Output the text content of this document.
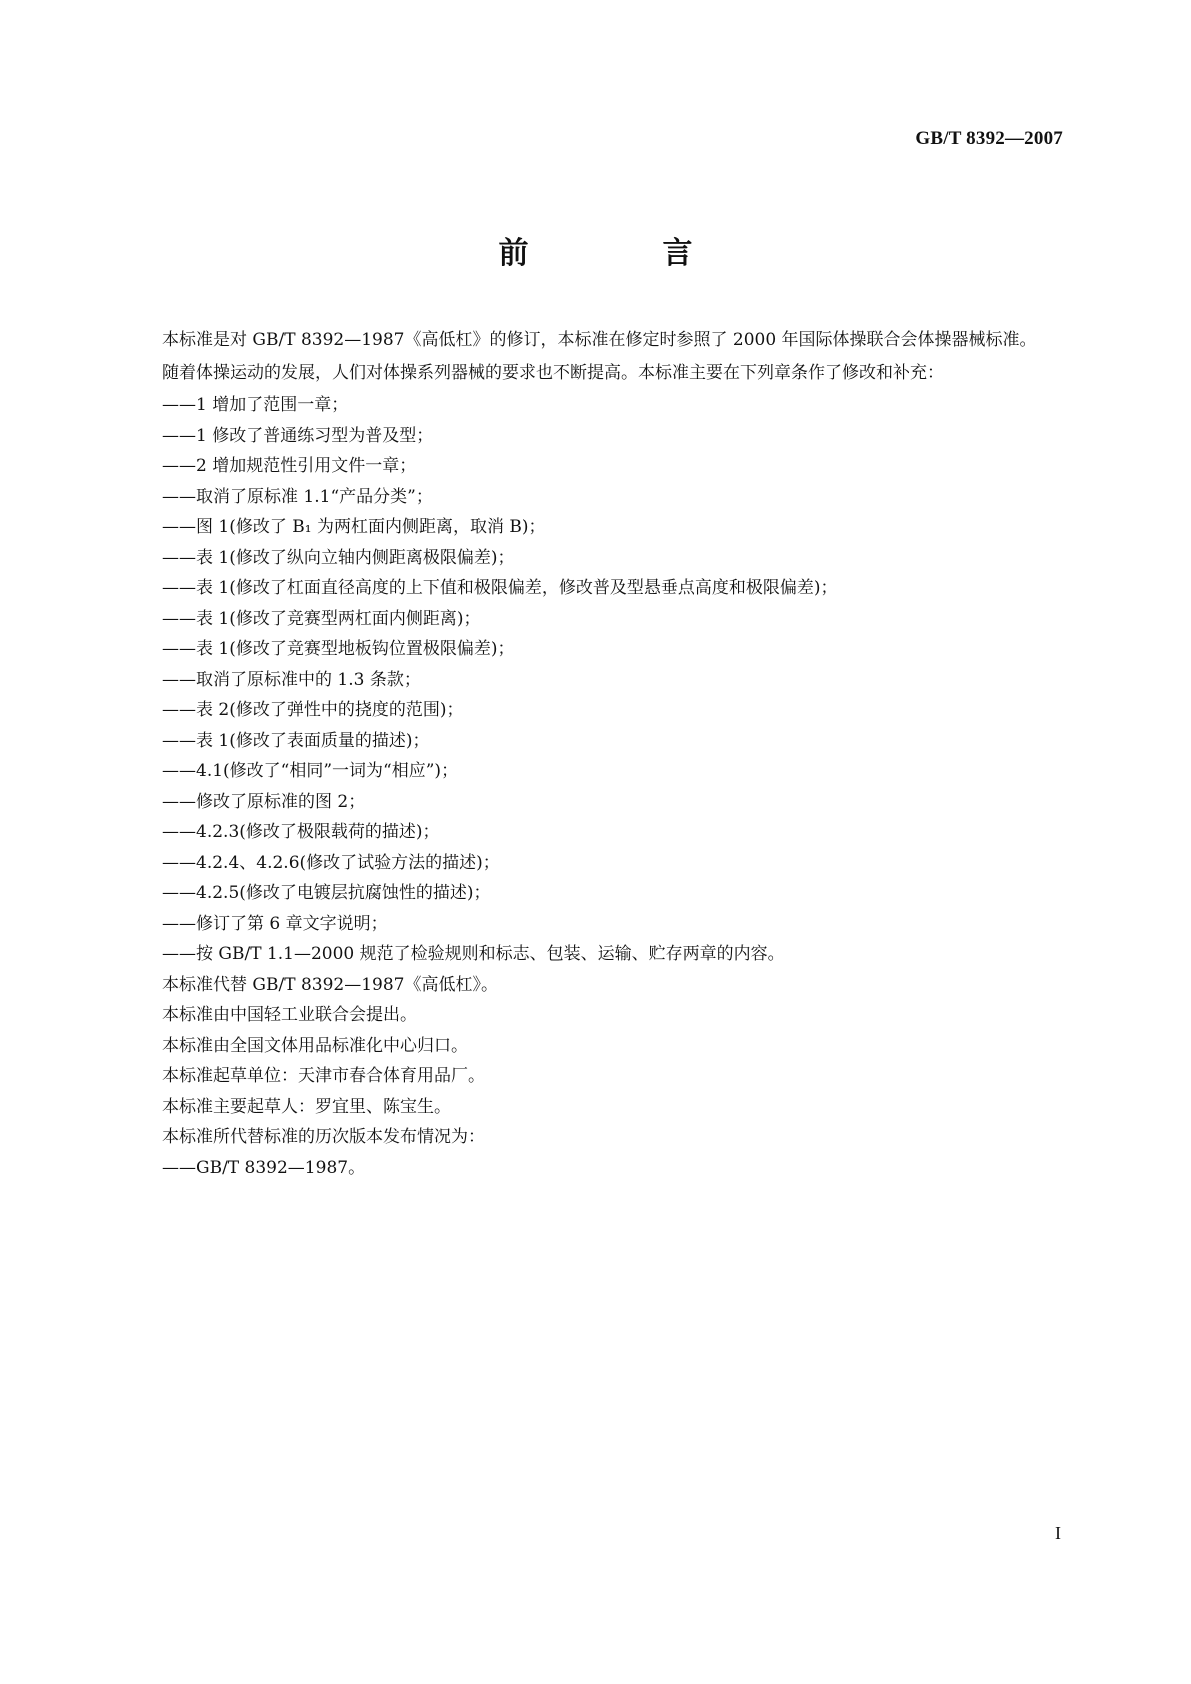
GB/T 8392—2007
前　言

本标准是对 GB/T 8392—1987《高低杠》的修订，本标准在修定时参照了 2000 年国际体操联合会体操器械标准。

随着体操运动的发展，人们对体操系列器械的要求也不断提高。本标准主要在下列章条作了修改和补充：

——1 增加了范围一章；

——1 修改了普通练习型为普及型；

——2 增加规范性引用文件一章；

——取消了原标准 1.1“产品分类”；

——图 1(修改了 B₁ 为两杠面内侧距离，取消 B)；

——表 1(修改了纵向立轴内侧距离极限偏差)；

——表 1(修改了杠面直径高度的上下值和极限偏差，修改普及型悬垂点高度和极限偏差)；

——表 1(修改了竞赛型两杠面内侧距离)；

——表 1(修改了竞赛型地板钩位置极限偏差)；

——取消了原标准中的 1.3 条款；

——表 2(修改了弹性中的挠度的范围)；

——表 1(修改了表面质量的描述)；

——4.1(修改了“相同”一词为“相应”)；

——修改了原标准的图 2；

——4.2.3(修改了极限载荷的描述)；

——4.2.4、4.2.6(修改了试验方法的描述)；

——4.2.5(修改了电镀层抗腐蚀性的描述)；

——修订了第 6 章文字说明；

——按 GB/T 1.1—2000 规范了检验规则和标志、包装、运输、贮存两章的内容。

本标准代替 GB/T 8392—1987《高低杠》。

本标准由中国轻工业联合会提出。

本标准由全国文体用品标准化中心归口。

本标准起草单位：天津市春合体育用品厂。

本标准主要起草人：罗宜里、陈宝生。

本标准所代替标准的历次版本发布情况为：

——GB/T 8392—1987。

I
